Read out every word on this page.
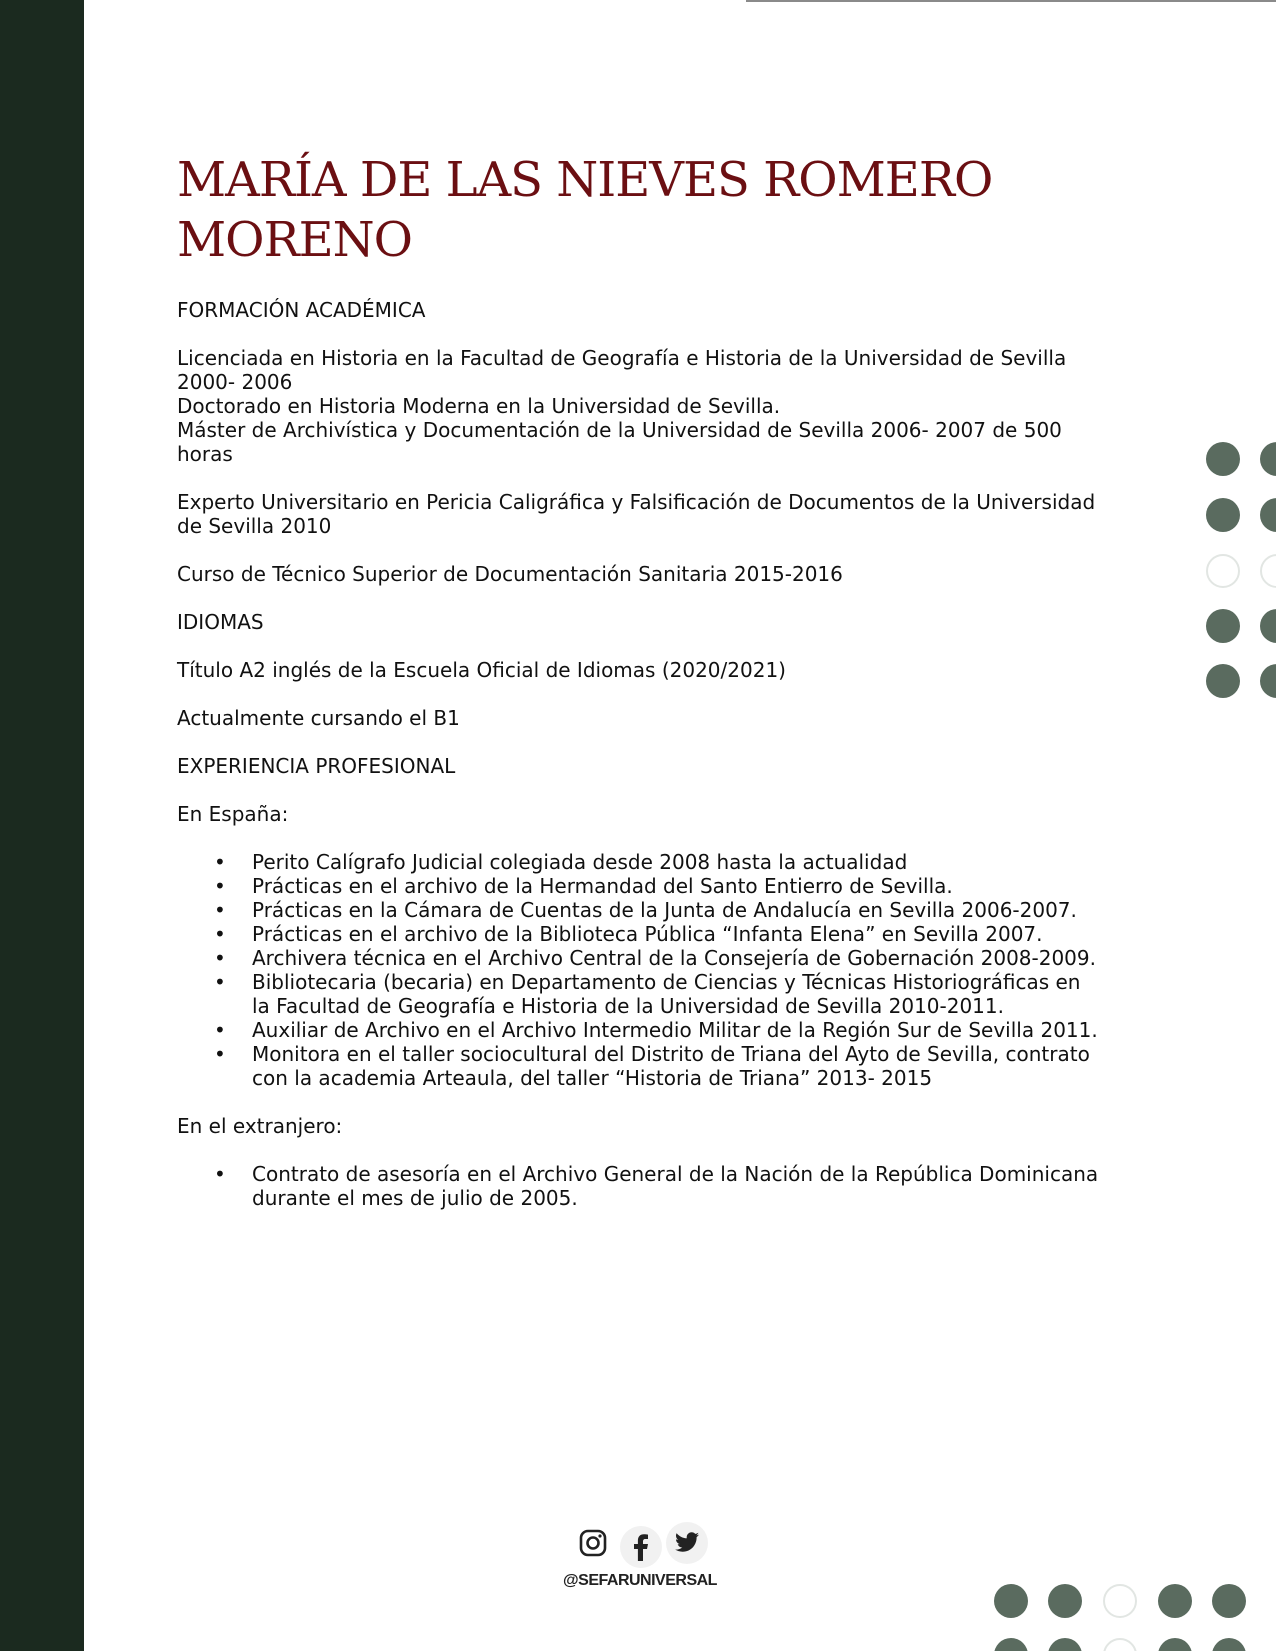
MARÍA DE LAS NIEVES ROMERO
MORENO
FORMACIÓN ACADÉMICA
Licenciada en Historia en la Facultad de Geografía e Historia de la Universidad de Sevilla
2000- 2006
Doctorado en Historia Moderna en la Universidad de Sevilla.
Máster de Archivística y Documentación de la Universidad de Sevilla 2006- 2007 de 500
horas
Experto Universitario en Pericia Caligráfica y Falsificación de Documentos de la Universidad
de Sevilla 2010
Curso de Técnico Superior de Documentación Sanitaria 2015-2016
IDIOMAS
Título A2 inglés de la Escuela Oficial de Idiomas (2020/2021)
Actualmente cursando el B1
EXPERIENCIA PROFESIONAL
En España:
• Perito Calígrafo Judicial colegiada desde 2008 hasta la actualidad
• Prácticas en el archivo de la Hermandad del Santo Entierro de Sevilla.
• Prácticas en la Cámara de Cuentas de la Junta de Andalucía en Sevilla 2006-2007.
• Prácticas en el archivo de la Biblioteca Pública “Infanta Elena” en Sevilla 2007.
• Archivera técnica en el Archivo Central de la Consejería de Gobernación 2008-2009.
• Bibliotecaria (becaria) en Departamento de Ciencias y Técnicas Historiográficas en
la Facultad de Geografía e Historia de la Universidad de Sevilla 2010-2011.
• Auxiliar de Archivo en el Archivo Intermedio Militar de la Región Sur de Sevilla 2011.
• Monitora en el taller sociocultural del Distrito de Triana del Ayto de Sevilla, contrato
con la academia Arteaula, del taller “Historia de Triana” 2013- 2015
En el extranjero:
• Contrato de asesoría en el Archivo General de la Nación de la República Dominicana
durante el mes de julio de 2005.
@SEFARUNIVERSAL
